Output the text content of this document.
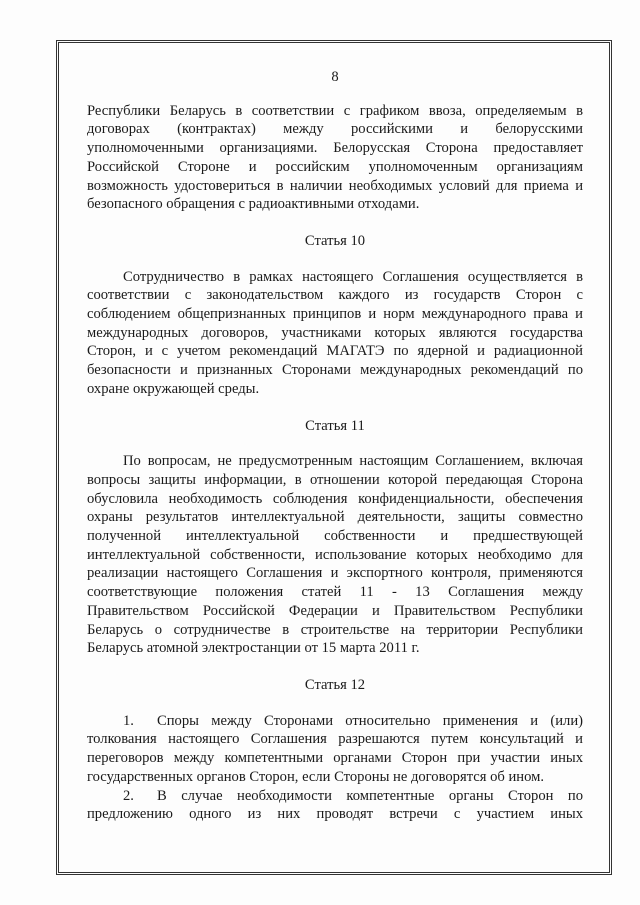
8

Республики Беларусь в соответствии с графиком ввоза, определяемым в договорах (контрактах) между российскими и белорусскими уполномоченными организациями. Белорусская Сторона предоставляет Российской Стороне и российским уполномоченным организациям возможность удостовериться в наличии необходимых условий для приема и безопасного обращения с радиоактивными отходами.

Статья 10

Сотрудничество в рамках настоящего Соглашения осуществляется в соответствии с законодательством каждого из государств Сторон с соблюдением общепризнанных принципов и норм международного права и международных договоров, участниками которых являются государства Сторон, и с учетом рекомендаций МАГАТЭ по ядерной и радиационной безопасности и признанных Сторонами международных рекомендаций по охране окружающей среды.

Статья 11

По вопросам, не предусмотренным настоящим Соглашением, включая вопросы защиты информации, в отношении которой передающая Сторона обусловила необходимость соблюдения конфиденциальности, обеспечения охраны результатов интеллектуальной деятельности, защиты совместно полученной интеллектуальной собственности и предшествующей интеллектуальной собственности, использование которых необходимо для реализации настоящего Соглашения и экспортного контроля, применяются соответствующие положения статей 11 - 13 Соглашения между Правительством Российской Федерации и Правительством Республики Беларусь о сотрудничестве в строительстве на территории Республики Беларусь атомной электростанции от 15 марта 2011 г.

Статья 12

1. Споры между Сторонами относительно применения и (или) толкования настоящего Соглашения разрешаются путем консультаций и переговоров между компетентными органами Сторон при участии иных государственных органов Сторон, если Стороны не договорятся об ином.

2. В случае необходимости компетентные органы Сторон по предложению одного из них проводят встречи с участием иных
